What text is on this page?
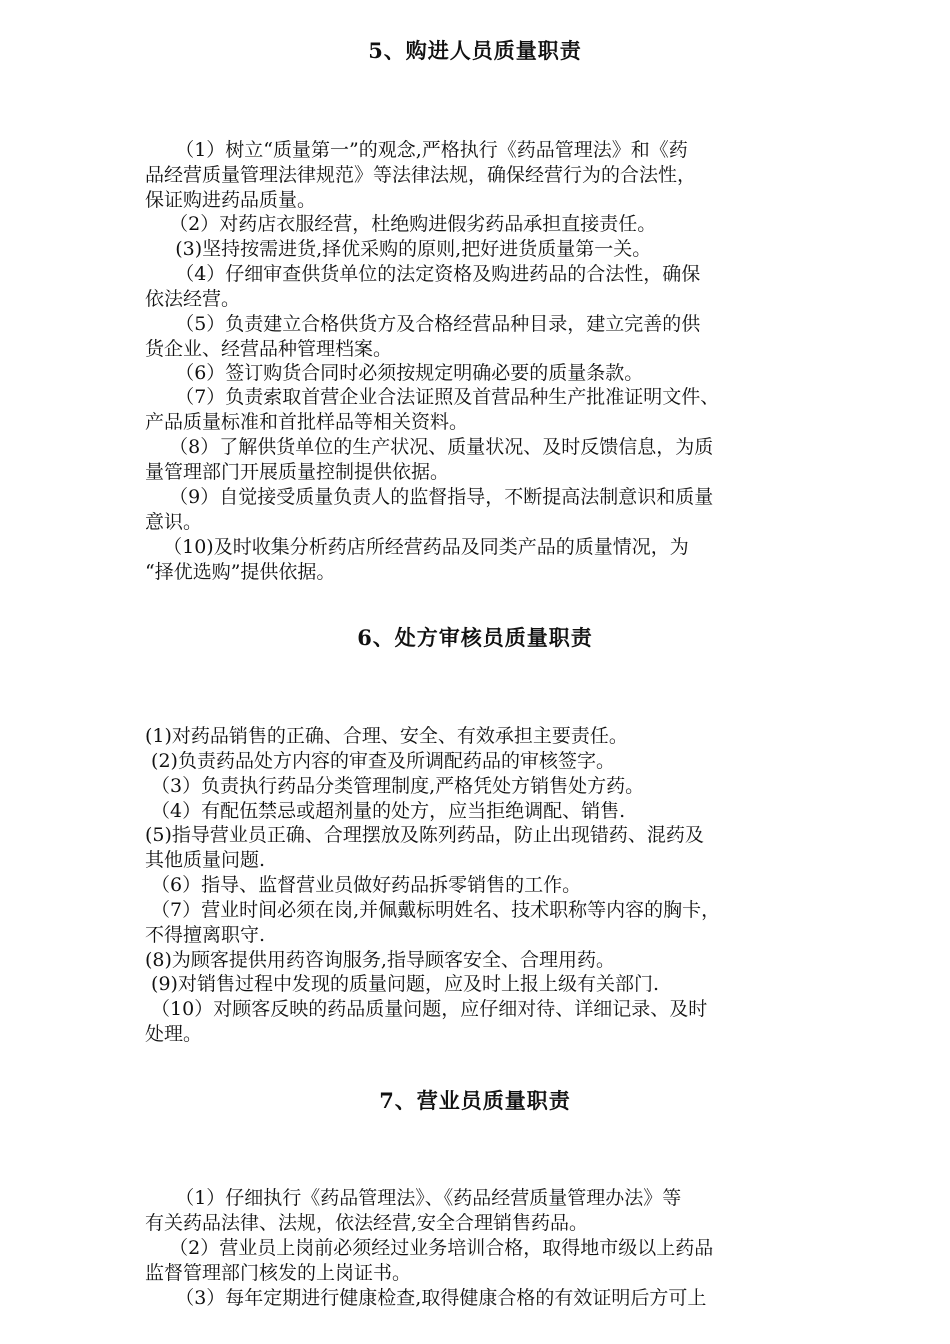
5、购进人员质量职责
（1）树立“质量第一”的观念,严格执行《药品管理法》和《药
品经营质量管理法律规范》等法律法规，确保经营行为的合法性，
保证购进药品质量。
（2）对药店衣服经营，杜绝购进假劣药品承担直接责任。
(3)坚持按需进货,择优采购的原则,把好进货质量第一关。
（4）仔细审查供货单位的法定资格及购进药品的合法性，确保
依法经营。
（5）负责建立合格供货方及合格经营品种目录，建立完善的供
货企业、经营品种管理档案。
（6）签订购货合同时必须按规定明确必要的质量条款。
（7）负责索取首营企业合法证照及首营品种生产批准证明文件、
产品质量标准和首批样品等相关资料。
（8）了解供货单位的生产状况、质量状况、及时反馈信息，为质
量管理部门开展质量控制提供依据。
（9）自觉接受质量负责人的监督指导，不断提高法制意识和质量
意识。
（10)及时收集分析药店所经营药品及同类产品的质量情况，为
“择优选购”提供依据。
6、处方审核员质量职责
(1)对药品销售的正确、合理、安全、有效承担主要责任。
(2)负责药品处方内容的审查及所调配药品的审核签字。
（3）负责执行药品分类管理制度,严格凭处方销售处方药。
（4）有配伍禁忌或超剂量的处方，应当拒绝调配、销售.
(5)指导营业员正确、合理摆放及陈列药品，防止出现错药、混药及
其他质量问题.
（6）指导、监督营业员做好药品拆零销售的工作。
（7）营业时间必须在岗,并佩戴标明姓名、技术职称等内容的胸卡，
不得擅离职守.
(8)为顾客提供用药咨询服务,指导顾客安全、合理用药。
(9)对销售过程中发现的质量问题，应及时上报上级有关部门.
（10）对顾客反映的药品质量问题，应仔细对待、详细记录、及时
处理。
7、营业员质量职责
（1）仔细执行《药品管理法》、《药品经营质量管理办法》等
有关药品法律、法规，依法经营,安全合理销售药品。
（2）营业员上岗前必须经过业务培训合格，取得地市级以上药品
监督管理部门核发的上岗证书。
（3）每年定期进行健康检查,取得健康合格的有效证明后方可上
